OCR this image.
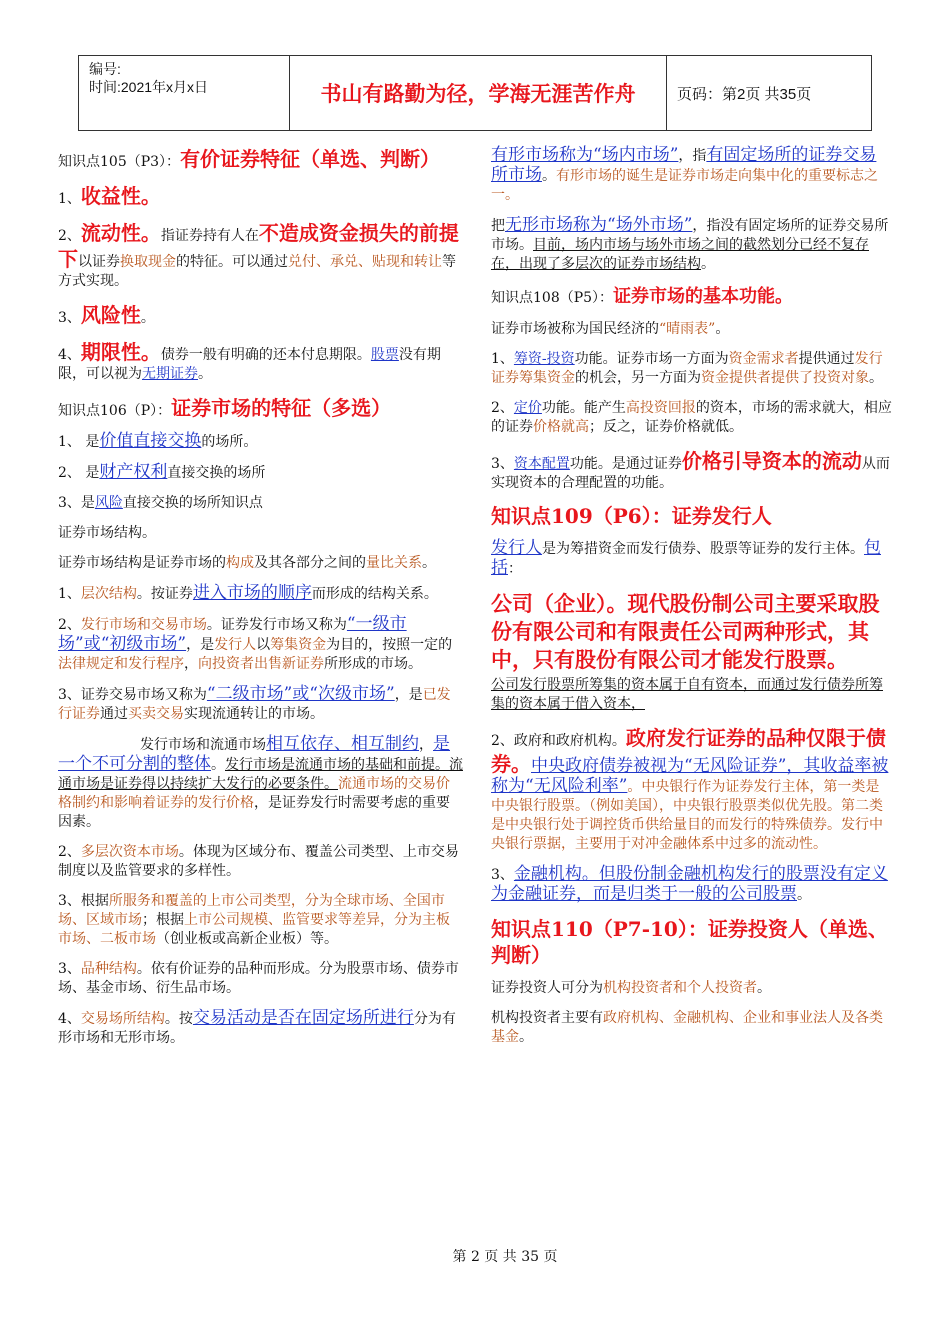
编号:
时间:2021年x月x日	书山有路勤为径，学海无涯苦作舟	页码：第2页 共35页

知识点105（P3）：有价证券特征（单选、判断）

1、收益性。

2、流动性。指证券持有人在不造成资金损失的前提下以证券换取现金的特征。可以通过兑付、承兑、贴现和转让等方式实现。

3、风险性。

4、期限性。债券一般有明确的还本付息期限。股票没有期限，可以视为无期证券。

知识点106（P）：证券市场的特征（多选）

1、 是价值直接交换的场所。

2、 是财产权利直接交换的场所

3、是风险直接交换的场所知识点

证券市场结构。

证券市场结构是证券市场的构成及其各部分之间的量比关系。

1、层次结构。按证券进入市场的顺序而形成的结构关系。

2、发行市场和交易市场。证券发行市场又称为“一级市场”或“初级市场”，是发行人以筹集资金为目的，按照一定的法律规定和发行程序，向投资者出售新证券所形成的市场。

3、证券交易市场又称为“二级市场”或“次级市场”，是已发行证券通过买卖交易实现流通转让的市场。

发行市场和流通市场相互依存、相互制约，是一个不可分割的整体。发行市场是流通市场的基础和前提。流通市场是证券得以持续扩大发行的必要条件。流通市场的交易价格制约和影响着证券的发行价格，是证券发行时需要考虑的重要因素。

2、多层次资本市场。体现为区域分布、覆盖公司类型、上市交易制度以及监管要求的多样性。

3、根据所服务和覆盖的上市公司类型，分为全球市场、全国市场、区域市场；根据上市公司规模、监管要求等差异，分为主板市场、二板市场（创业板或高新企业板）等。

3、品种结构。依有价证券的品种而形成。分为股票市场、债券市场、基金市场、衍生品市场。

4、交易场所结构。按交易活动是否在固定场所进行分为有形市场和无形市场。

有形市场称为“场内市场”，指有固定场所的证券交易所市场。有形市场的诞生是证券市场走向集中化的重要标志之一。

把无形市场称为“场外市场”，指没有固定场所的证券交易所市场。目前，场内市场与场外市场之间的截然划分已经不复存在，出现了多层次的证券市场结构。

知识点108（P5）：证券市场的基本功能。

证券市场被称为国民经济的“晴雨表”。

1、筹资-投资功能。证券市场一方面为资金需求者提供通过发行证券筹集资金的机会，另一方面为资金提供者提供了投资对象。

2、定价功能。能产生高投资回报的资本，市场的需求就大，相应的证券价格就高；反之，证券价格就低。

3、资本配置功能。是通过证券价格引导资本的流动从而实现资本的合理配置的功能。

知识点109（P6）：证券发行人

发行人是为筹措资金而发行债券、股票等证券的发行主体。包括：

公司（企业）。现代股份制公司主要采取股份有限公司和有限责任公司两种形式，其中，只有股份有限公司才能发行股票。

公司发行股票所筹集的资本属于自有资本，而通过发行债券所筹集的资本属于借入资本，

2、政府和政府机构。政府发行证券的品种仅限于债券。中央政府债券被视为“无风险证券”，其收益率被称为“无风险利率”。中央银行作为证券发行主体，第一类是中央银行股票。（例如美国），中央银行股票类似优先股。第二类是中央银行处于调控货币供给量目的而发行的特殊债券。发行中央银行票据，主要用于对冲金融体系中过多的流动性。

3、金融机构。但股份制金融机构发行的股票没有定义为金融证券，而是归类于一般的公司股票。

知识点110（P7-10）：证券投资人（单选、判断）

证券投资人可分为机构投资者和个人投资者。

机构投资者主要有政府机构、金融机构、企业和事业法人及各类基金。

第 2 页 共 35 页
